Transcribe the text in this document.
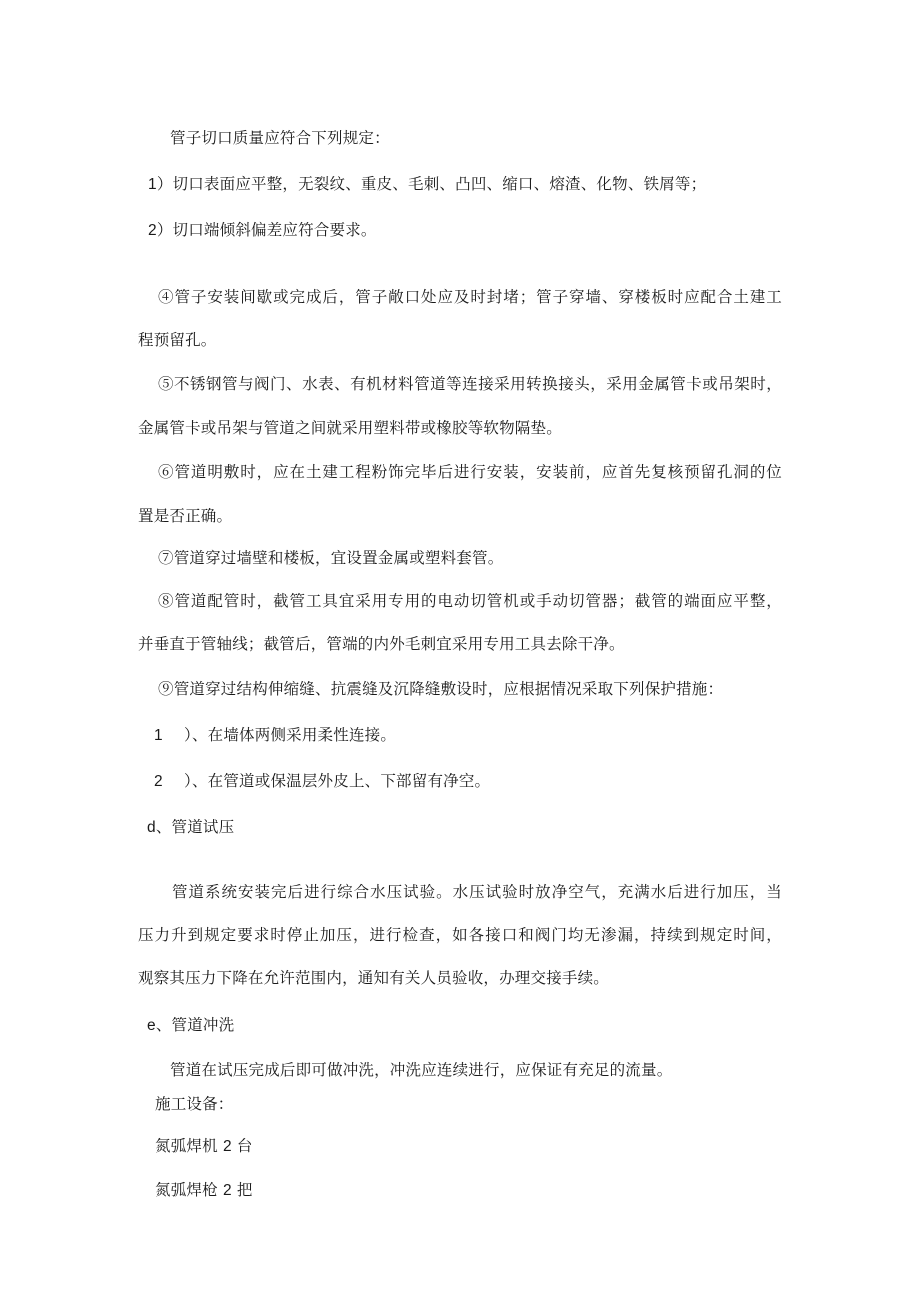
管子切口质量应符合下列规定：
1）切口表面应平整，无裂纹、重皮、毛刺、凸凹、缩口、熔渣、化物、铁屑等；
2）切口端倾斜偏差应符合要求。
④管子安装间歇或完成后，管子敞口处应及时封堵；管子穿墙、穿楼板时应配合土建工
程预留孔。
⑤不锈钢管与阀门、水表、有机材料管道等连接采用转换接头，采用金属管卡或吊架时，
金属管卡或吊架与管道之间就采用塑料带或橡胶等软物隔垫。
⑥管道明敷时，应在土建工程粉饰完毕后进行安装，安装前，应首先复核预留孔洞的位
置是否正确。
⑦管道穿过墙壁和楼板，宜设置金属或塑料套管。
⑧管道配管时，截管工具宜采用专用的电动切管机或手动切管器；截管的端面应平整，
并垂直于管轴线；截管后，管端的内外毛刺宜采用专用工具去除干净。
⑨管道穿过结构伸缩缝、抗震缝及沉降缝敷设时，应根据情况采取下列保护措施：
1 ）、在墙体两侧采用柔性连接。
2 ）、在管道或保温层外皮上、下部留有净空。
d、管道试压
管道系统安装完后进行综合水压试验。水压试验时放净空气，充满水后进行加压，当
压力升到规定要求时停止加压，进行检查，如各接口和阀门均无渗漏，持续到规定时间，
观察其压力下降在允许范围内，通知有关人员验收，办理交接手续。
e、管道冲洗
管道在试压完成后即可做冲洗，冲洗应连续进行，应保证有充足的流量。
施工设备：
氮弧焊机 2 台
氮弧焊枪 2 把
